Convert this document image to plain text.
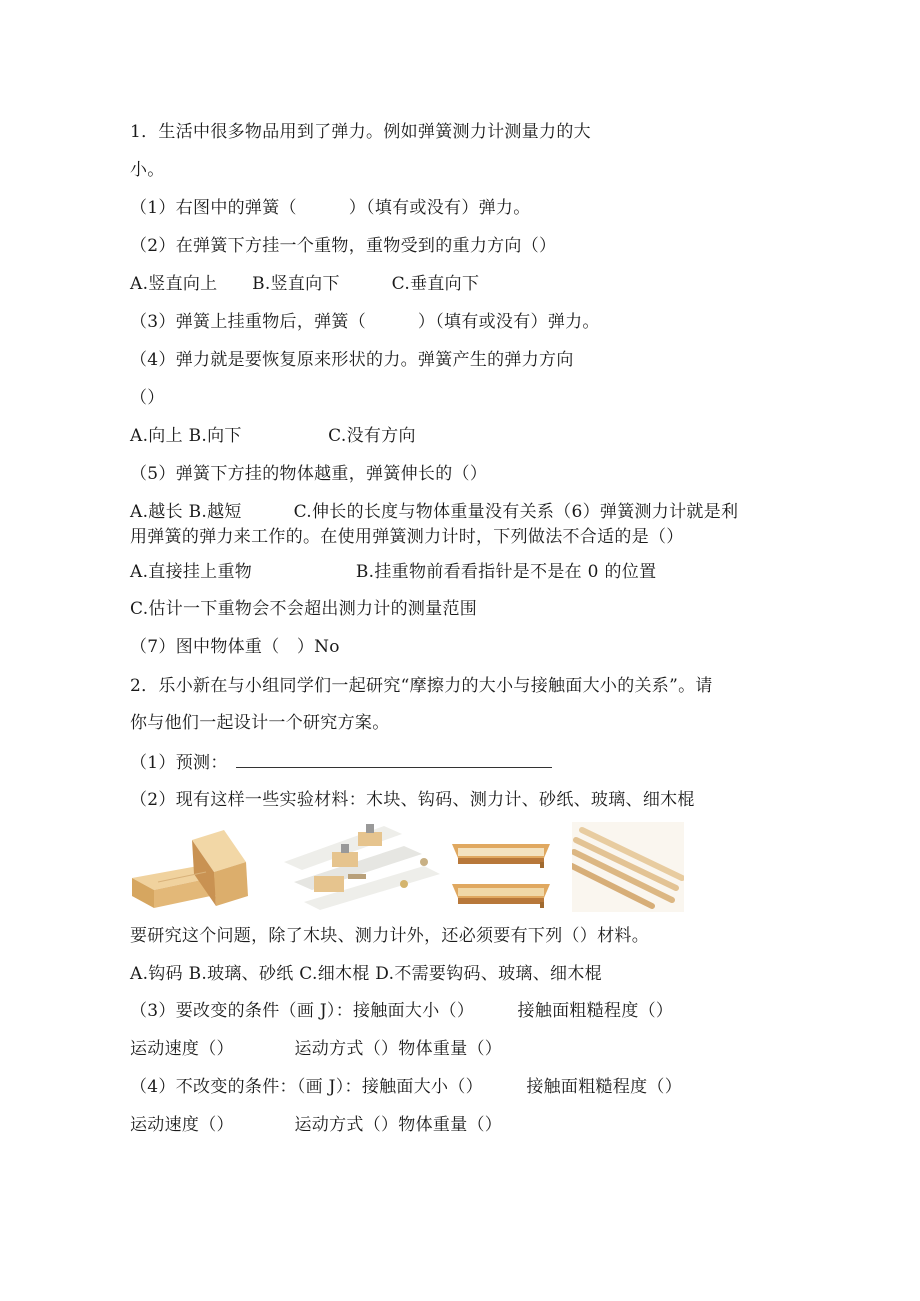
1．生活中很多物品用到了弹力。例如弹簧测力计测量力的大
小。
（1）右图中的弹簧（　　　）（填有或没有）弹力。
（2）在弹簧下方挂一个重物，重物受到的重力方向（）
A.竖直向上　　B.竖直向下　　　C.垂直向下
（3）弹簧上挂重物后，弹簧（　　　）（填有或没有）弹力。
（4）弹力就是要恢复原来形状的力。弹簧产生的弹力方向
（）
A.向上 B.向下　　　　　C.没有方向
（5）弹簧下方挂的物体越重，弹簧伸长的（）
A.越长 B.越短　　　C.伸长的长度与物体重量没有关系（6）弹簧测力计就是利
用弹簧的弹力来工作的。在使用弹簧测力计时，下列做法不合适的是（）
A.直接挂上重物　　　　　　B.挂重物前看看指针是不是在 0 的位置
C.估计一下重物会不会超出测力计的测量范围
（7）图中物体重（　）No
2．乐小新在与小组同学们一起研究“摩擦力的大小与接触面大小的关系”。请
你与他们一起设计一个研究方案。
（1）预测：
（2）现有这样一些实验材料：木块、钩码、测力计、砂纸、玻璃、细木棍
要研究这个问题，除了木块、测力计外，还必须要有下列（）材料。
A.钩码 B.玻璃、砂纸 C.细木棍 D.不需要钩码、玻璃、细木棍
（3）要改变的条件（画 J）：接触面大小（）　　　接触面粗糙程度（）
运动速度（）　　　　运动方式（）物体重量（）
（4）不改变的条件：（画 J）：接触面大小（）　　　接触面粗糙程度（）
运动速度（）　　　　运动方式（）物体重量（）
